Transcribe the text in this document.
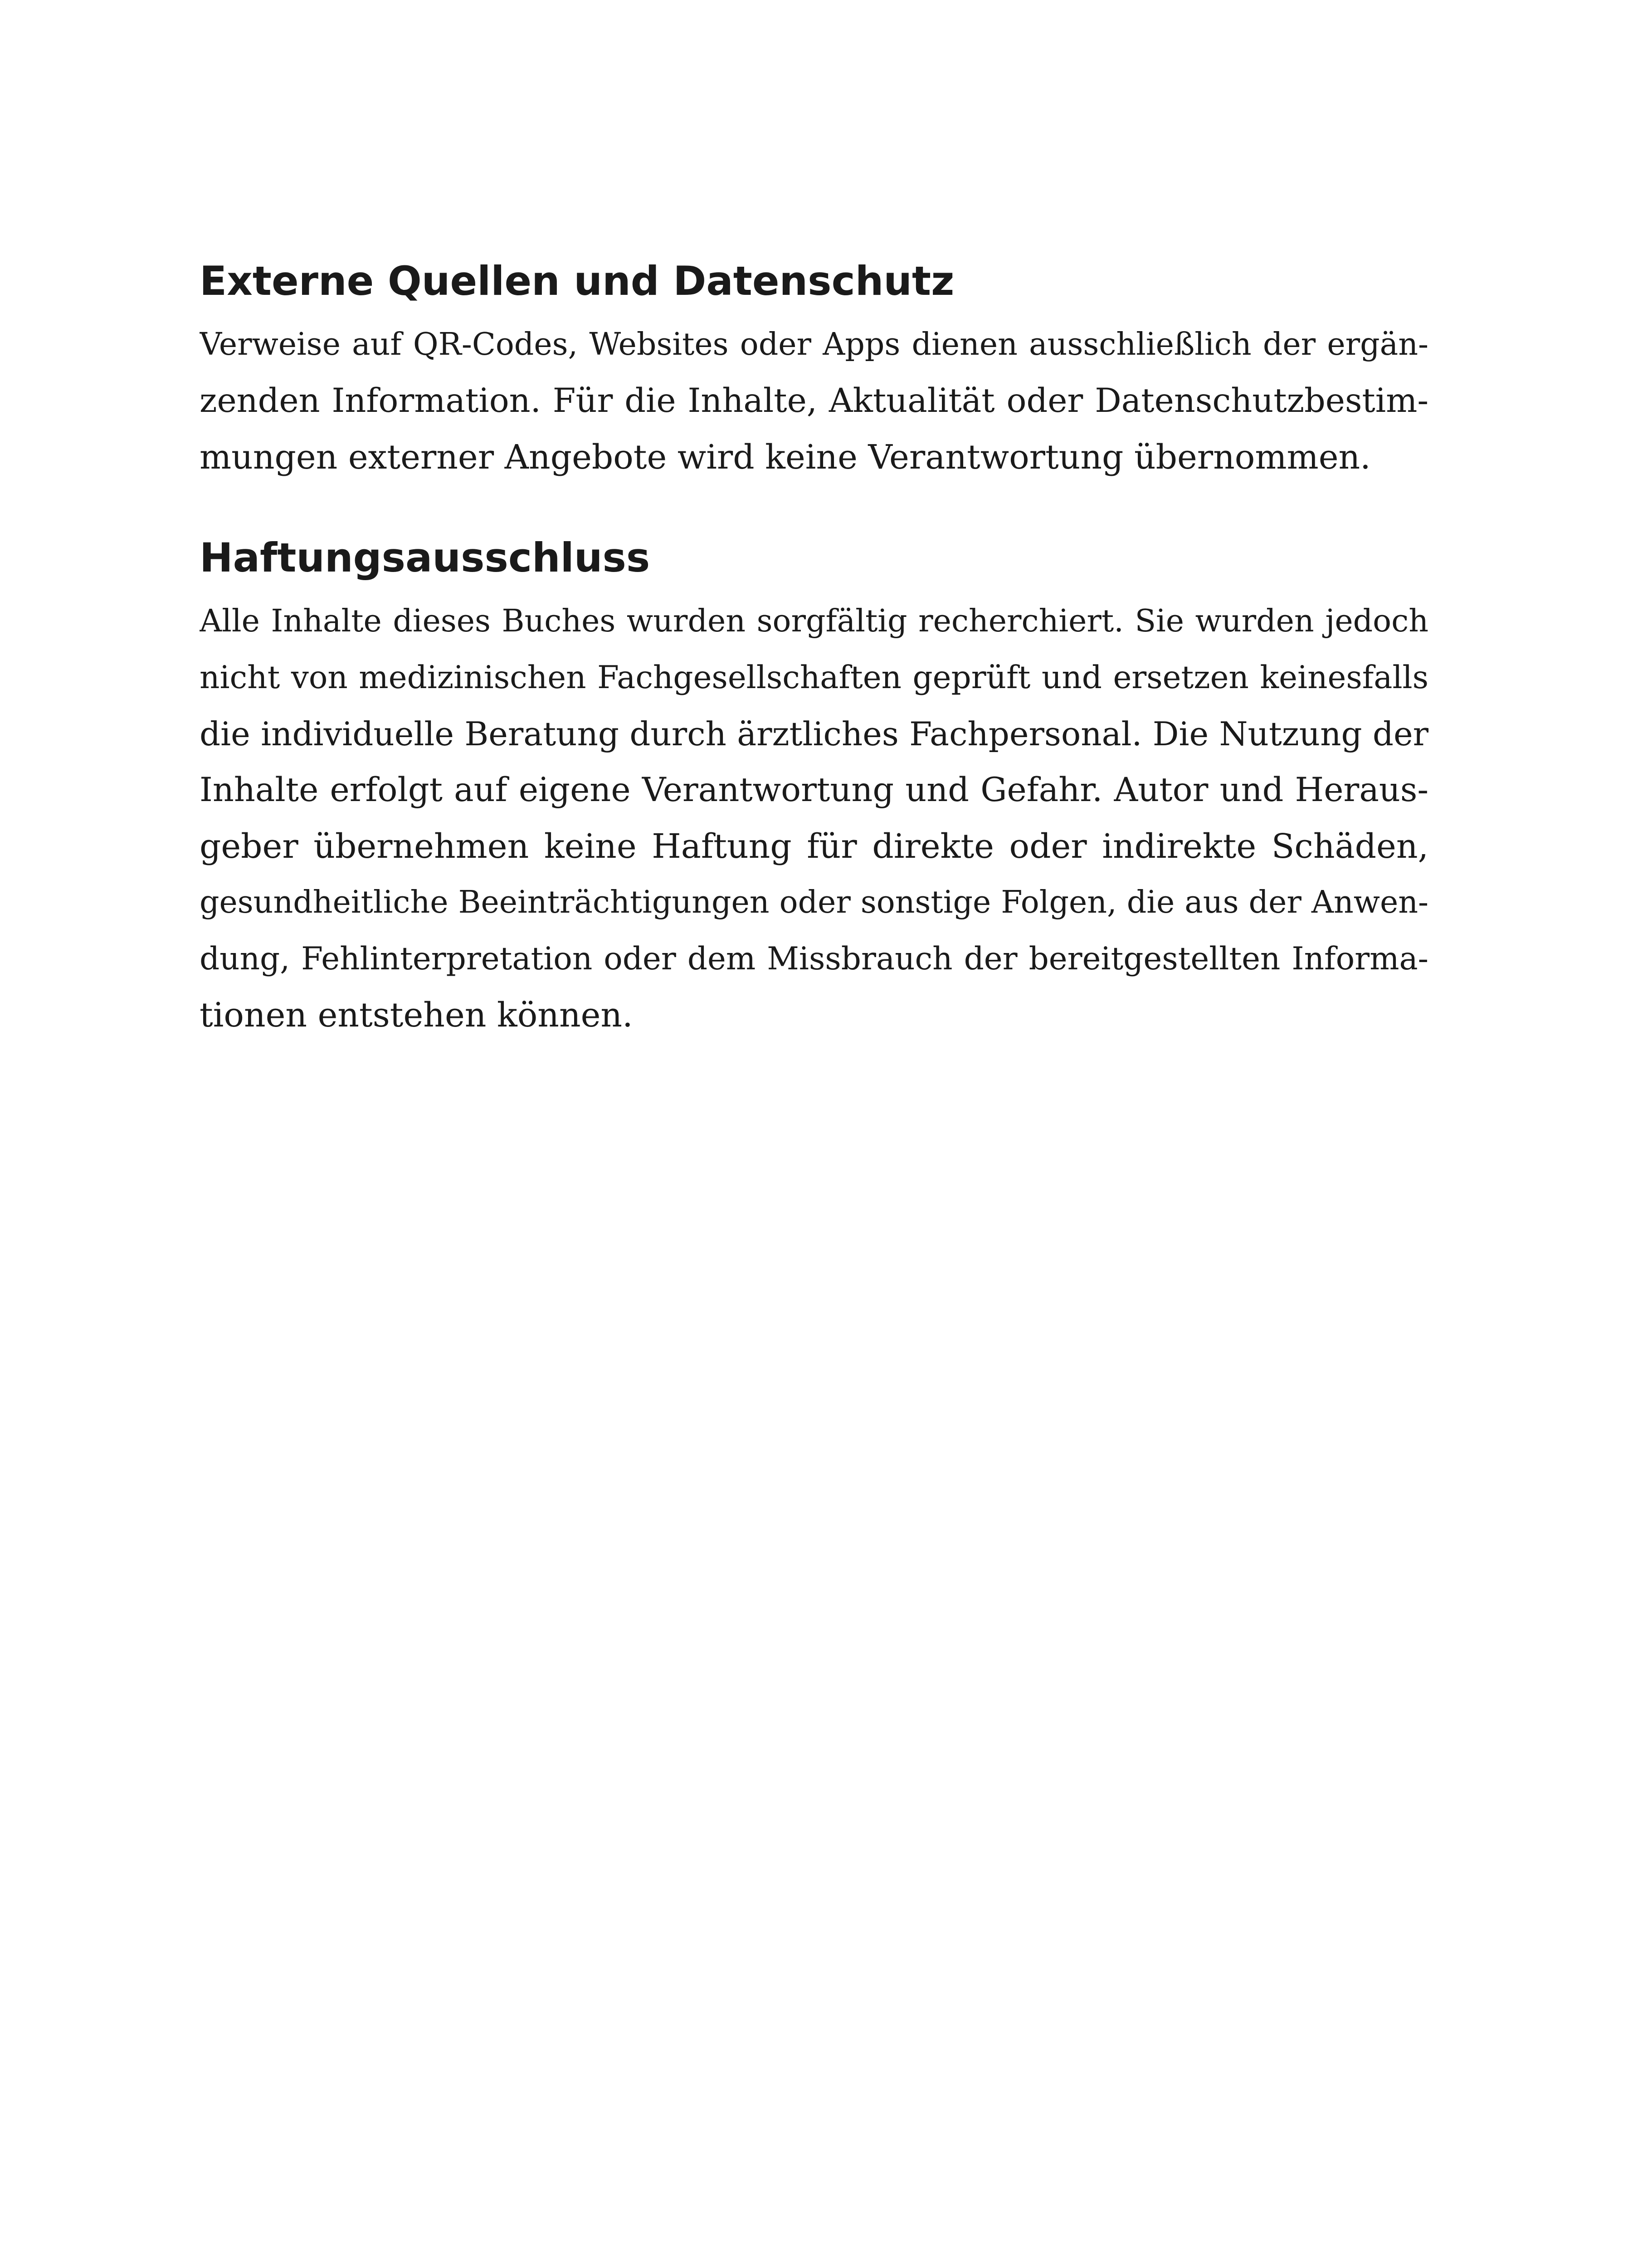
Externe Quellen und Datenschutz

Verweise auf QR-Codes, Websites oder Apps dienen ausschließlich der ergän-
zenden Information. Für die Inhalte, Aktualität oder Datenschutzbestim-
mungen externer Angebote wird keine Verantwortung übernommen.

Haftungsausschluss

Alle Inhalte dieses Buches wurden sorgfältig recherchiert. Sie wurden jedoch
nicht von medizinischen Fachgesellschaften geprüft und ersetzen keinesfalls
die individuelle Beratung durch ärztliches Fachpersonal. Die Nutzung der
Inhalte erfolgt auf eigene Verantwortung und Gefahr. Autor und Heraus-
geber übernehmen keine Haftung für direkte oder indirekte Schäden,
gesundheitliche Beeinträchtigungen oder sonstige Folgen, die aus der Anwen-
dung, Fehlinterpretation oder dem Missbrauch der bereitgestellten Informa-
tionen entstehen können.
